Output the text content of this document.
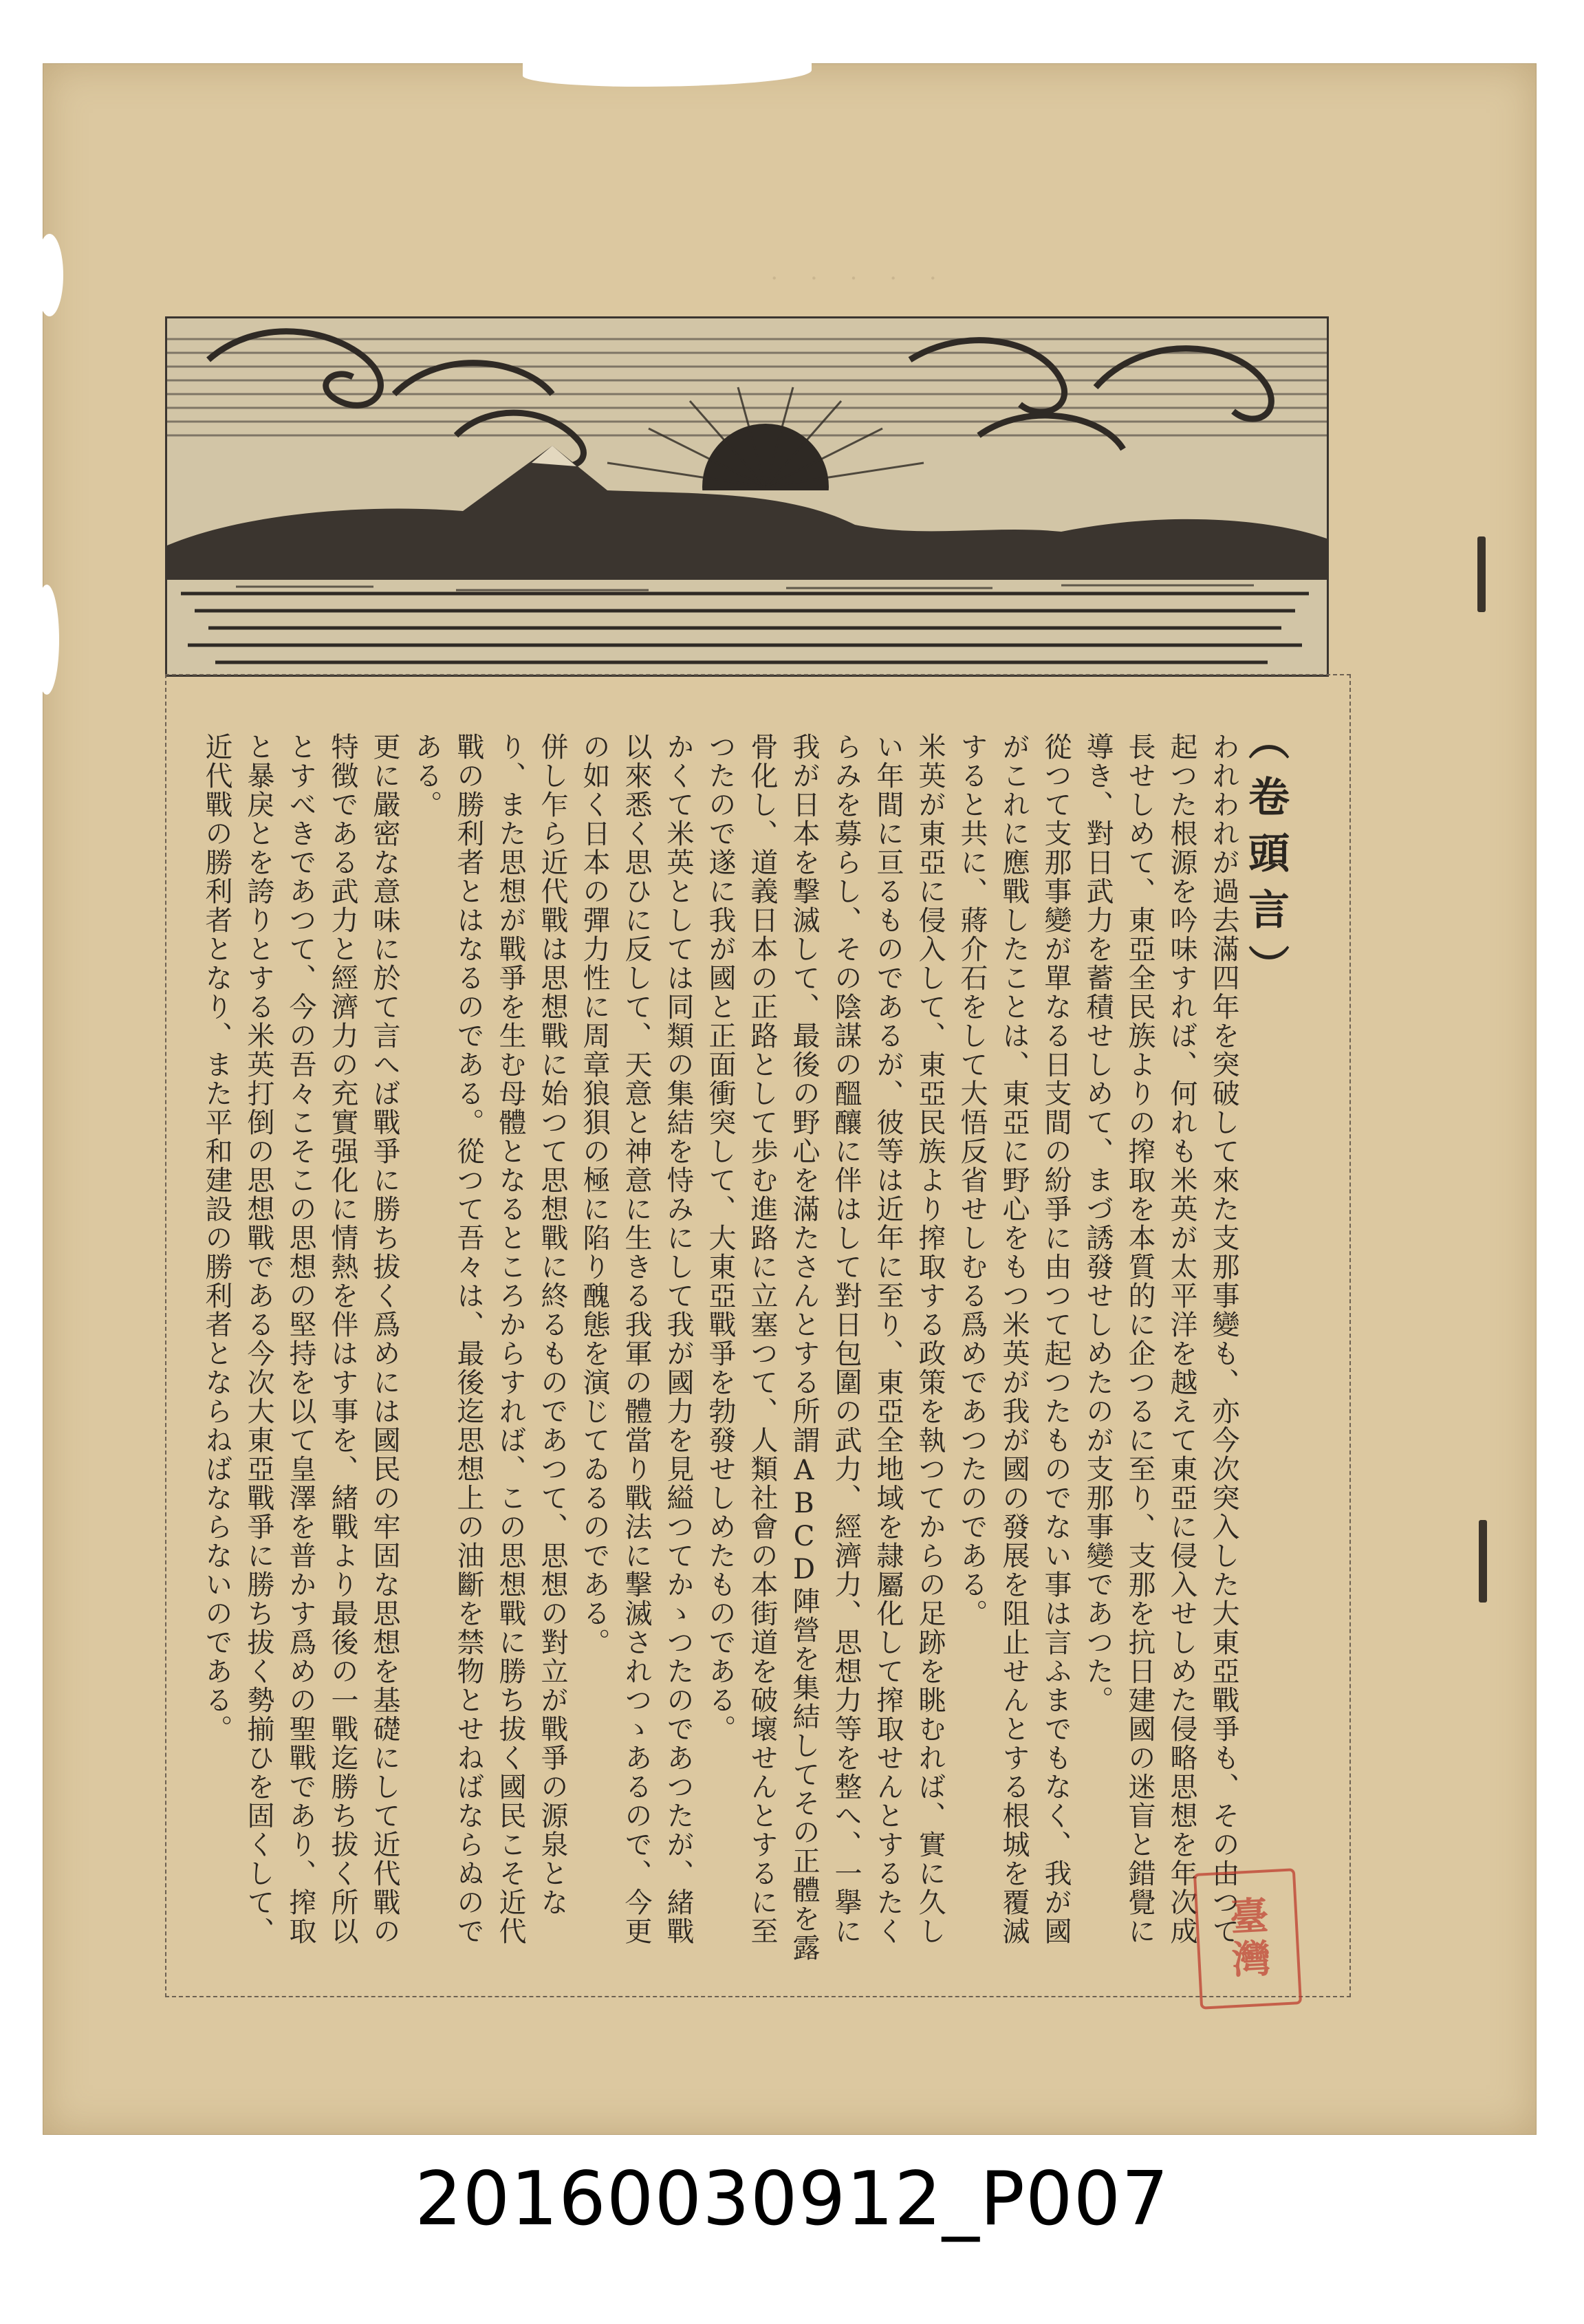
· · · · ·
（卷頭言）
われわれが過去滿四年を突破して來た支那事變も、亦今次突入した大東亞戰爭も、その由つて起つた根源を吟味すれば、何れも米英が太平洋を越えて東亞に侵入せしめた侵略思想を年次成長せしめて、東亞全民族よりの搾取を本質的に企つるに至り、支那を抗日建國の迷盲と錯覺に導き、對日武力を蓄積せしめて、まづ誘發せしめたのが支那事變であつた。
從つて支那事變が單なる日支間の紛爭に由つて起つたものでない事は言ふまでもなく、我が國がこれに應戰したことは、東亞に野心をもつ米英が我が國の發展を阻止せんとする根城を覆滅すると共に、蔣介石をして大悟反省せしむる爲めであつたのである。
米英が東亞に侵入して、東亞民族より搾取する政策を執つてからの足跡を眺むれば、實に久しい年間に亘るものであるが、彼等は近年に至り、東亞全地域を隷屬化して搾取せんとするたくらみを募らし、その陰謀の醞釀に伴はして對日包圍の武力、經濟力、思想力等を整へ、一擧に我が日本を撃滅して、最後の野心を滿たさんとする所謂ABCD陣營を集結してその正體を露骨化し、道義日本の正路として歩む進路に立塞つて、人類社會の本街道を破壞せんとするに至つたので遂に我が國と正面衝突して、大東亞戰爭を勃發せしめたものである。
かくて米英としては同類の集結を恃みにして我が國力を見縊つてかゝつたのであつたが、緒戰以來悉く思ひに反して、天意と神意に生きる我軍の體當り戰法に撃滅されつゝあるので、今更の如く日本の彈力性に周章狼狽の極に陷り醜態を演じてゐるのである。
併し乍ら近代戰は思想戰に始つて思想戰に終るものであつて、思想の對立が戰爭の源泉となり、また思想が戰爭を生む母體となるところからすれば、この思想戰に勝ち拔く國民こそ近代戰の勝利者とはなるのである。從つて吾々は、最後迄思想上の油斷を禁物とせねばならぬのである。
更に嚴密な意味に於て言へば戰爭に勝ち拔く爲めには國民の牢固な思想を基礎にして近代戰の特徴である武力と經濟力の充實强化に情熱を伴はす事を、緒戰より最後の一戰迄勝ち拔く所以とすべきであつて、今の吾々こそこの思想の堅持を以て皇澤を普かす爲めの聖戰であり、搾取と暴戾とを誇りとする米英打倒の思想戰である今次大東亞戰爭に勝ち拔く勢揃ひを固くして、近代戰の勝利者となり、また平和建設の勝利者とならねばならないのである。
臺灣
20160030912_P007
